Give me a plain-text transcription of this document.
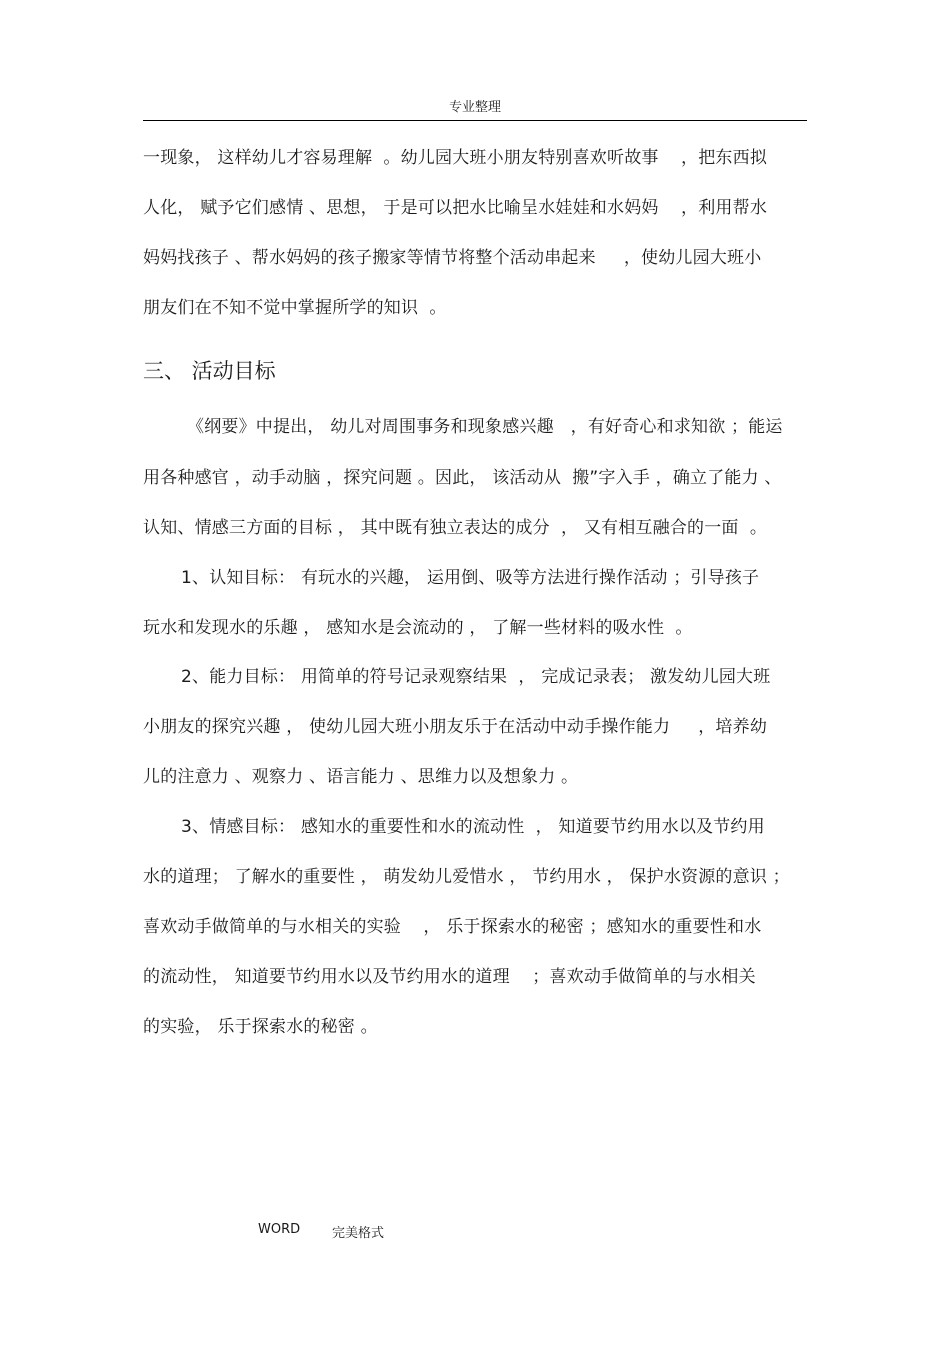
专业整理
一现象， 这样幼儿才容易理解  。幼儿园大班小朋友特别喜欢听故事    ，把东西拟
人化， 赋予它们感情 、思想， 于是可以把水比喻呈水娃娃和水妈妈    ，利用帮水
妈妈找孩子 、帮水妈妈的孩子搬家等情节将整个活动串起来     ，使幼儿园大班小
朋友们在不知不觉中掌握所学的知识  。
三、 活动目标
《纲要》中提出， 幼儿对周围事务和现象感兴趣   ，有好奇心和求知欲 ；能运
用各种感官 ，动手动脑 ，探究问题 。因此， 该活动从  搬”字入手 ，确立了能力 、
认知、情感三方面的目标 ， 其中既有独立表达的成分  ， 又有相互融合的一面  。
1、认知目标： 有玩水的兴趣， 运用倒、吸等方法进行操作活动 ；引导孩子
玩水和发现水的乐趣 ， 感知水是会流动的 ， 了解一些材料的吸水性  。
2、能力目标： 用简单的符号记录观察结果  ， 完成记录表； 激发幼儿园大班
小朋友的探究兴趣 ， 使幼儿园大班小朋友乐于在活动中动手操作能力     ，培养幼
儿的注意力 、观察力 、语言能力 、思维力以及想象力 。
3、情感目标： 感知水的重要性和水的流动性  ， 知道要节约用水以及节约用
水的道理； 了解水的重要性 ， 萌发幼儿爱惜水 ， 节约用水 ， 保护水资源的意识 ；
喜欢动手做简单的与水相关的实验    ， 乐于探索水的秘密 ；感知水的重要性和水
的流动性， 知道要节约用水以及节约用水的道理    ；喜欢动手做简单的与水相关
的实验， 乐于探索水的秘密 。
WORD 完美格式
